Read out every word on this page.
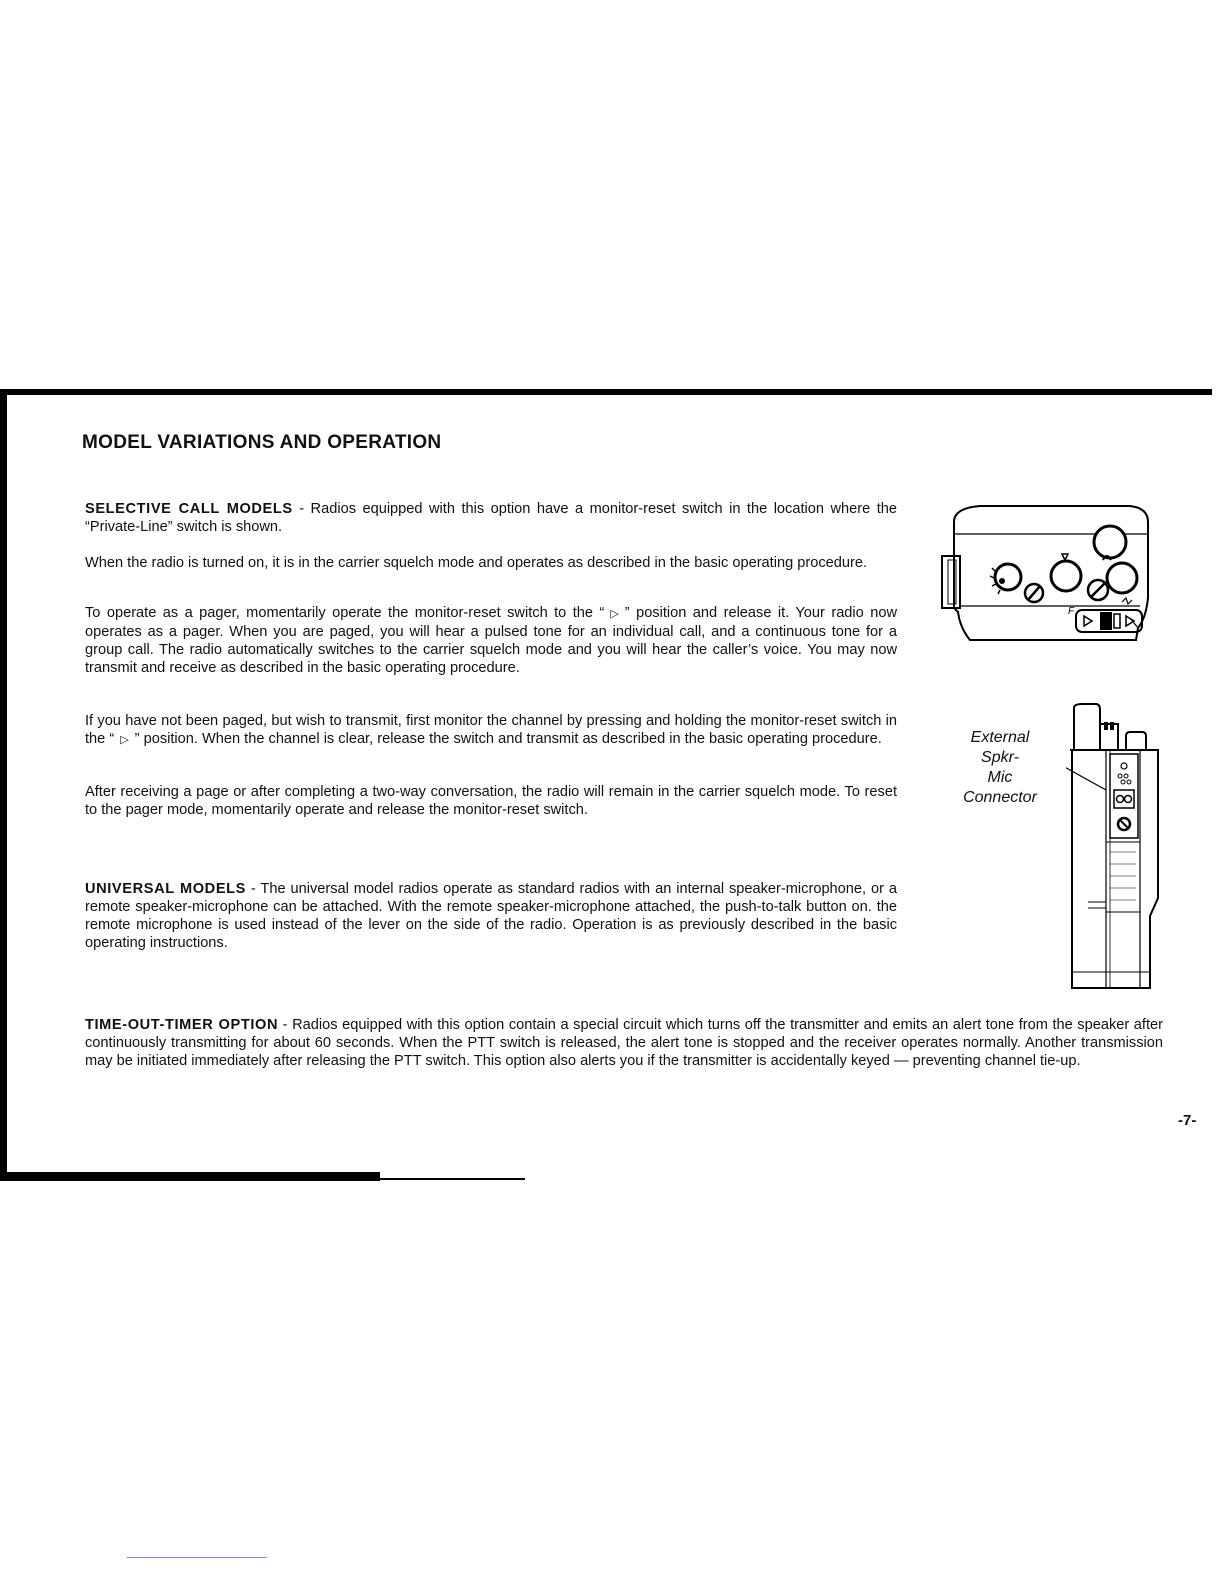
MODEL VARIATIONS AND OPERATION
SELECTIVE CALL MODELS - Radios equipped with this option have a monitor-reset switch in the location where the “Private-Line” switch is shown.
When the radio is turned on, it is in the carrier squelch mode and operates as described in the basic operating procedure.
To operate as a pager, momentarily operate the monitor-reset switch to the “ ▷ ” position and release it. Your radio now operates as a pager. When you are paged, you will hear a pulsed tone for an individual call, and a continuous tone for a group call. The radio automatically switches to the carrier squelch mode and you will hear the caller’s voice. You may now transmit and receive as described in the basic operating procedure.
If you have not been paged, but wish to transmit, first monitor the channel by pressing and holding the monitor-reset switch in the “ ▷ ” position. When the channel is clear, release the switch and transmit as described in the basic operating procedure.
After receiving a page or after completing a two-way conversation, the radio will remain in the carrier squelch mode. To reset to the pager mode, momentarily operate and release the monitor-reset switch.
UNIVERSAL MODELS - The universal model radios operate as standard radios with an internal speaker-microphone, or a remote speaker-microphone can be attached. With the remote speaker-microphone attached, the push-to-talk button on. the remote microphone is used instead of the lever on the side of the radio. Operation is as previously described in the basic operating instructions.
TIME-OUT-TIMER OPTION - Radios equipped with this option contain a special circuit which turns off the transmitter and emits an alert tone from the speaker after continuously transmitting for about 60 seconds. When the PTT switch is released, the alert tone is stopped and the receiver operates normally. Another transmission may be initiated immediately after releasing the PTT switch. This option also alerts you if the transmitter is accidentally keyed — preventing channel tie-up.
-7-
F
External
Spkr-
Mic
Connector
